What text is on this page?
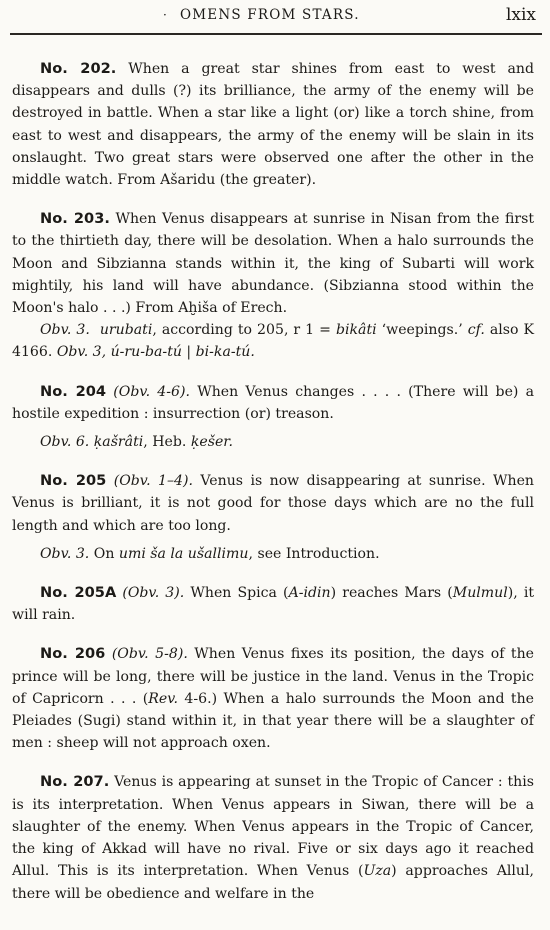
· OMENS FROM STARS.	lxix

No. 202. When a great star shines from east to west and disappears and dulls (?) its brilliance, the army of the enemy will be destroyed in battle. When a star like a light (or) like a torch shine, from east to west and disappears, the army of the enemy will be slain in its onslaught. Two great stars were observed one after the other in the middle watch. From Ašaridu (the greater).

No. 203. When Venus disappears at sunrise in Nisan from the first to the thirtieth day, there will be desolation. When a halo surrounds the Moon and Sibzianna stands within it, the king of Subarti will work mightily, his land will have abundance. (Sibzianna stood within the Moon's halo . . .) From Aḫiša of Erech.

Obv. 3. urubati, according to 205, r 1 = bikâti ‘weepings.’ cf. also K 4166. Obv. 3, ú-ru-ba-tú | bi-ka-tú.

No. 204 (Obv. 4-6). When Venus changes . . . . (There will be) a hostile expedition : insurrection (or) treason.

Obv. 6. ḳašrâti, Heb. ḳešer.

No. 205 (Obv. 1–4). Venus is now disappearing at sunrise. When Venus is brilliant, it is not good for those days which are no the full length and which are too long.

Obv. 3. On umi ša la ušallimu, see Introduction.

No. 205A (Obv. 3). When Spica (A-idin) reaches Mars (Mulmul), it will rain.

No. 206 (Obv. 5-8). When Venus fixes its position, the days of the prince will be long, there will be justice in the land. Venus in the Tropic of Capricorn . . . (Rev. 4-6.) When a halo surrounds the Moon and the Pleiades (Sugi) stand within it, in that year there will be a slaughter of men : sheep will not approach oxen.

No. 207. Venus is appearing at sunset in the Tropic of Cancer : this is its interpretation. When Venus appears in Siwan, there will be a slaughter of the enemy. When Venus appears in the Tropic of Cancer, the king of Akkad will have no rival. Five or six days ago it reached Allul. This is its interpretation. When Venus (Uza) approaches Allul, there will be obedience and welfare in the
